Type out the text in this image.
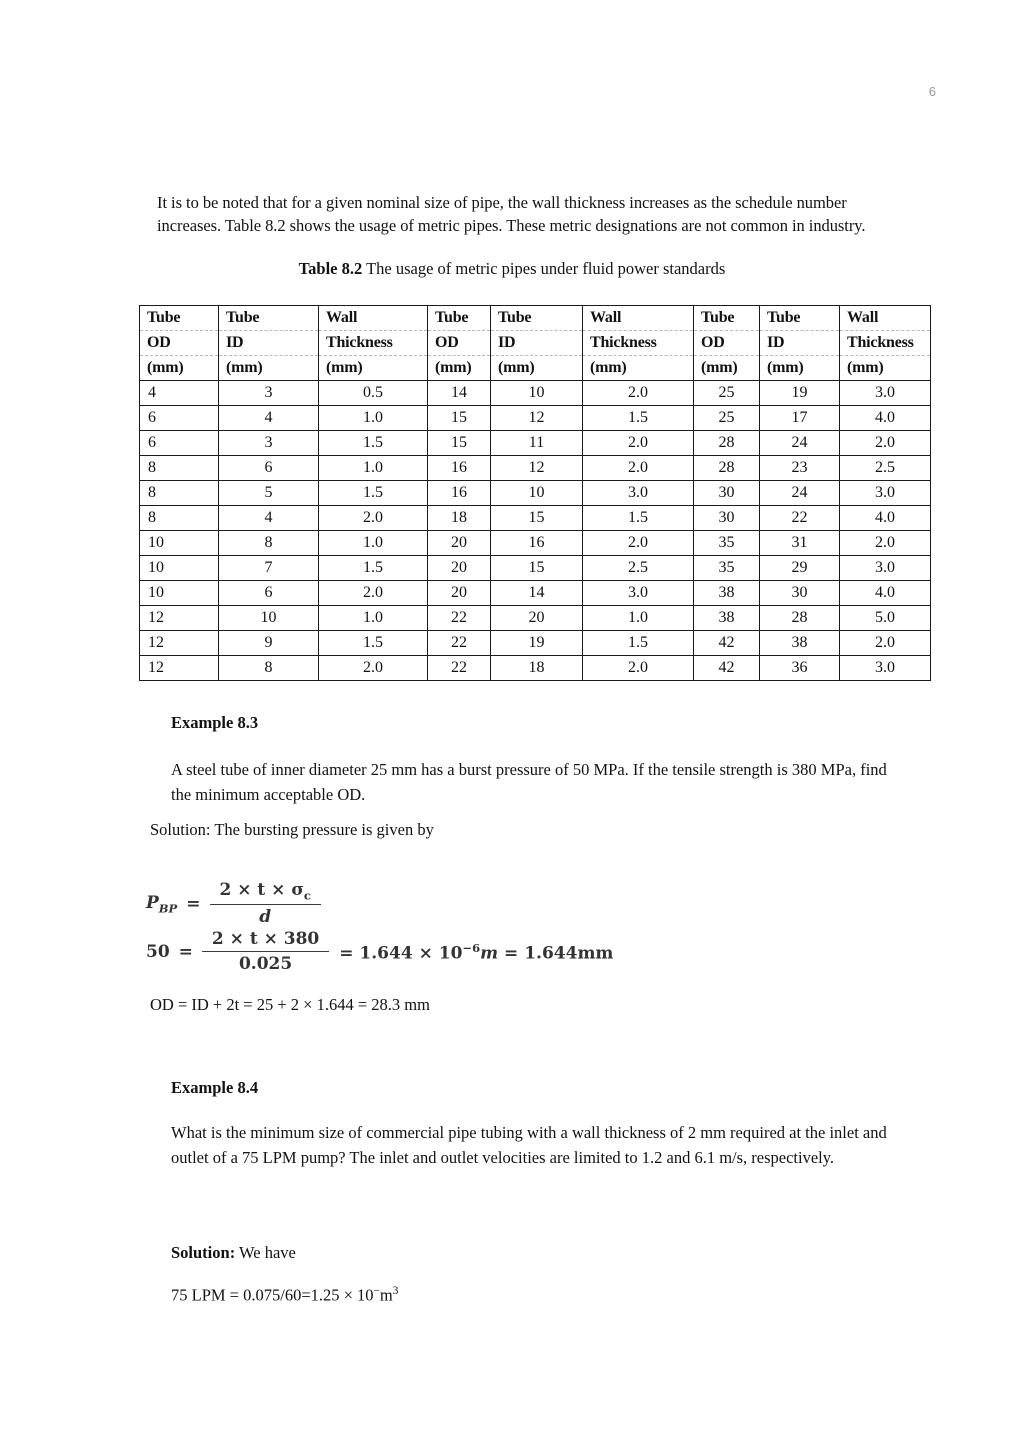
6

It is to be noted that for a given nominal size of pipe, the wall thickness increases as the schedule number increases. Table 8.2 shows the usage of metric pipes. These metric designations are not common in industry.

Table 8.2 The usage of metric pipes under fluid power standards
Tube	Tube	Wall	Tube	Tube	Wall	Tube	Tube	Wall
OD	ID	Thickness	OD	ID	Thickness	OD	ID	Thickness
(mm)	(mm)	(mm)	(mm)	(mm)	(mm)	(mm)	(mm)	(mm)
4	3	0.5	14	10	2.0	25	19	3.0
6	4	1.0	15	12	1.5	25	17	4.0
6	3	1.5	15	11	2.0	28	24	2.0
8	6	1.0	16	12	2.0	28	23	2.5
8	5	1.5	16	10	3.0	30	24	3.0
8	4	2.0	18	15	1.5	30	22	4.0
10	8	1.0	20	16	2.0	35	31	2.0
10	7	1.5	20	15	2.5	35	29	3.0
10	6	2.0	20	14	3.0	38	30	4.0
12	10	1.0	22	20	1.0	38	28	5.0
12	9	1.5	22	19	1.5	42	38	2.0
12	8	2.0	22	18	2.0	42	36	3.0
Example 8.3
A steel tube of inner diameter 25 mm has a burst pressure of 50 MPa. If the tensile strength is 380 MPa, find the minimum acceptable OD.
Solution: The bursting pressure is given by
$P_{BP} = \frac{2 \times t \times \sigma_c}{d}$
$50 = \frac{2 \times t \times 380}{0.025} = 1.644 \times 10^{-6}m = 1.644mm$
OD = ID + 2t = 25 + 2 × 1.644 = 28.3 mm
Example 8.4
What is the minimum size of commercial pipe tubing with a wall thickness of 2 mm required at the inlet and outlet of a 75 LPM pump? The inlet and outlet velocities are limited to 1.2 and 6.1 m/s, respectively.
Solution: We have
75 LPM = $0.075/60=1.25 \times 10^-m^3$
